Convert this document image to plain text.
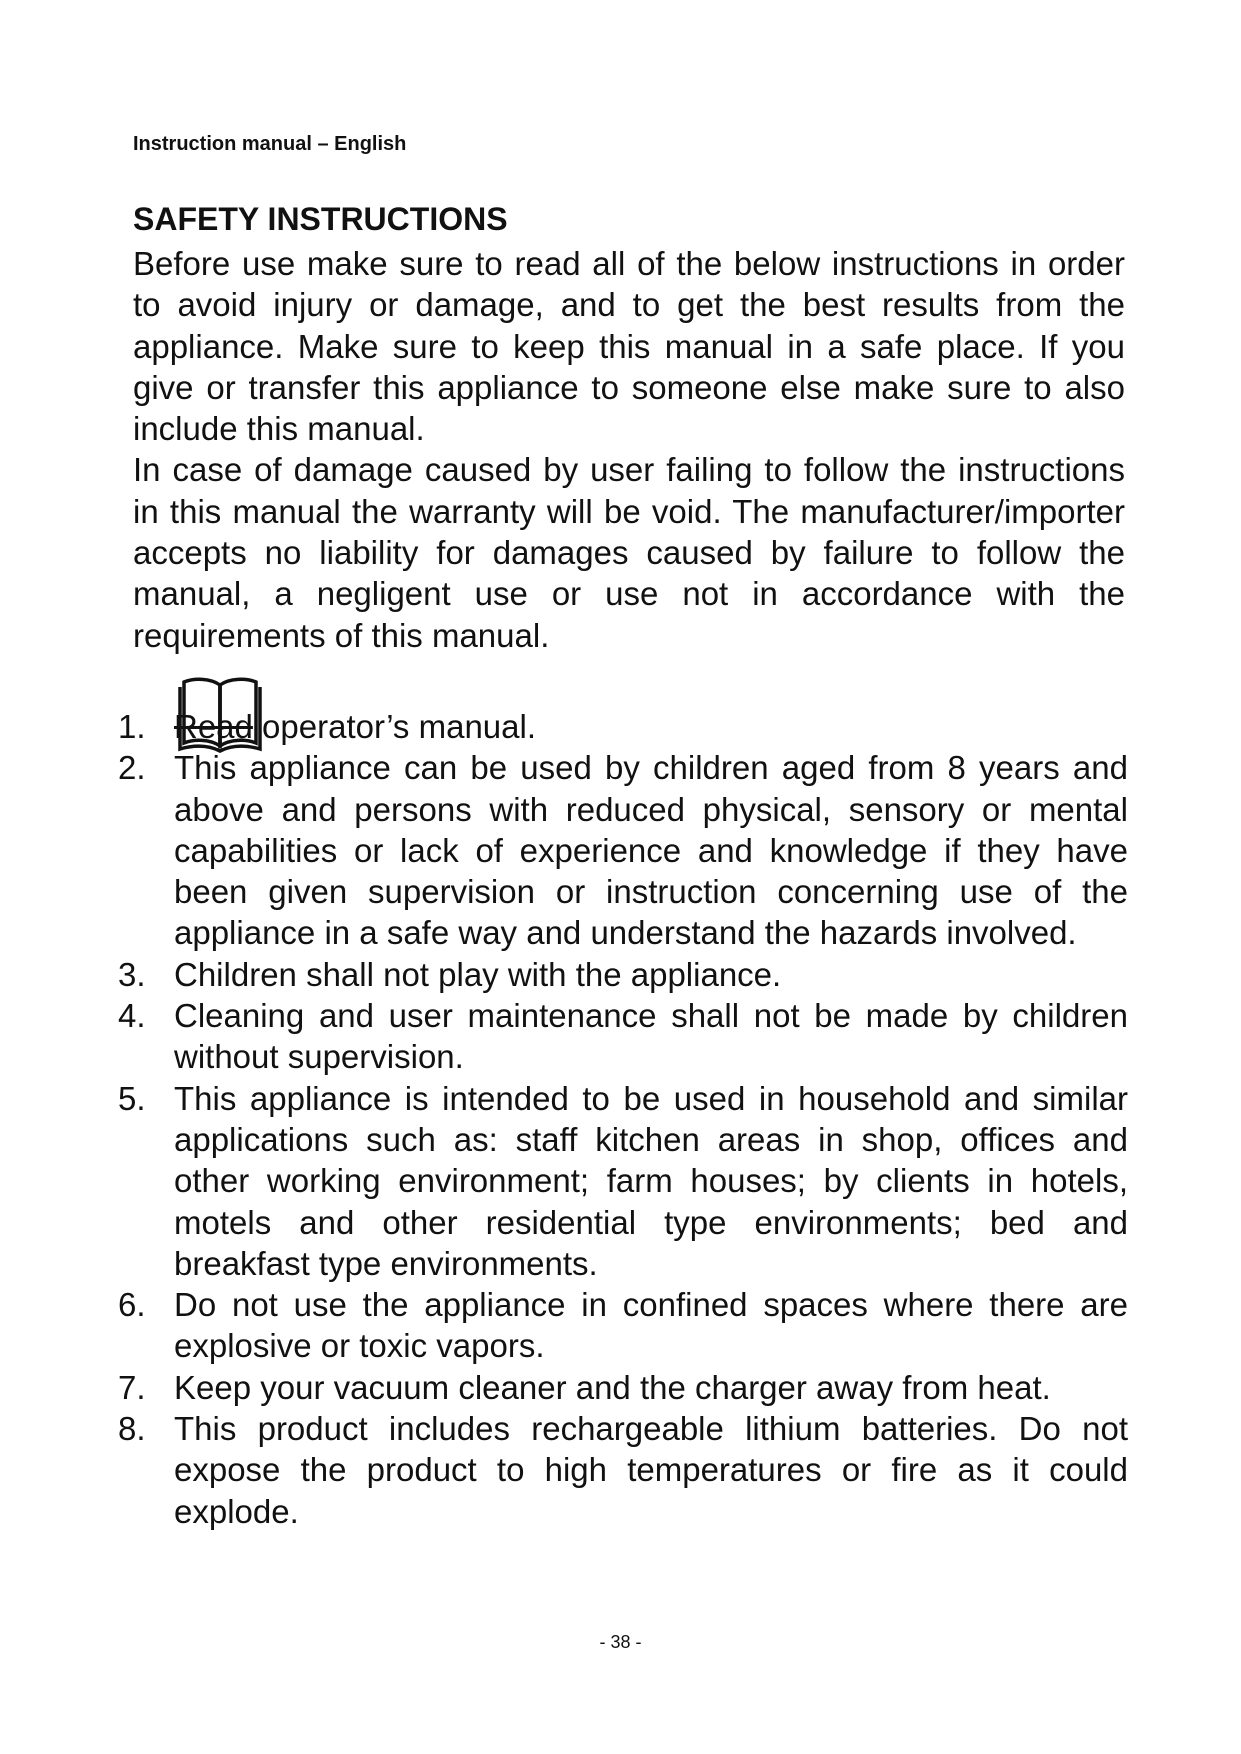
Instruction manual – English
SAFETY INSTRUCTIONS

Before use make sure to read all of the below instructions in order to avoid injury or damage, and to get the best results from the appliance. Make sure to keep this manual in a safe place. If you give or transfer this appliance to someone else make sure to also include this manual.

In case of damage caused by user failing to follow the instructions in this manual the warranty will be void. The manufacturer/importer accepts no liability for damages caused by failure to follow the manual, a negligent use or use not in accordance with the requirements of this manual.

1. Read operator’s manual.
2. This appliance can be used by children aged from 8 years and above and persons with reduced physical, sensory or mental capabilities or lack of experience and knowledge if they have been given supervision or instruction concerning use of the appliance in a safe way and understand the hazards involved.
3. Children shall not play with the appliance.
4. Cleaning and user maintenance shall not be made by children without supervision.
5. This appliance is intended to be used in household and similar applications such as: staff kitchen areas in shop, offices and other working environment; farm houses; by clients in hotels, motels and other residential type environments; bed and breakfast type environments.
6. Do not use the appliance in confined spaces where there are explosive or toxic vapors.
7. Keep your vacuum cleaner and the charger away from heat.
8. This product includes rechargeable lithium batteries. Do not expose the product to high temperatures or fire as it could explode.
- 38 -
